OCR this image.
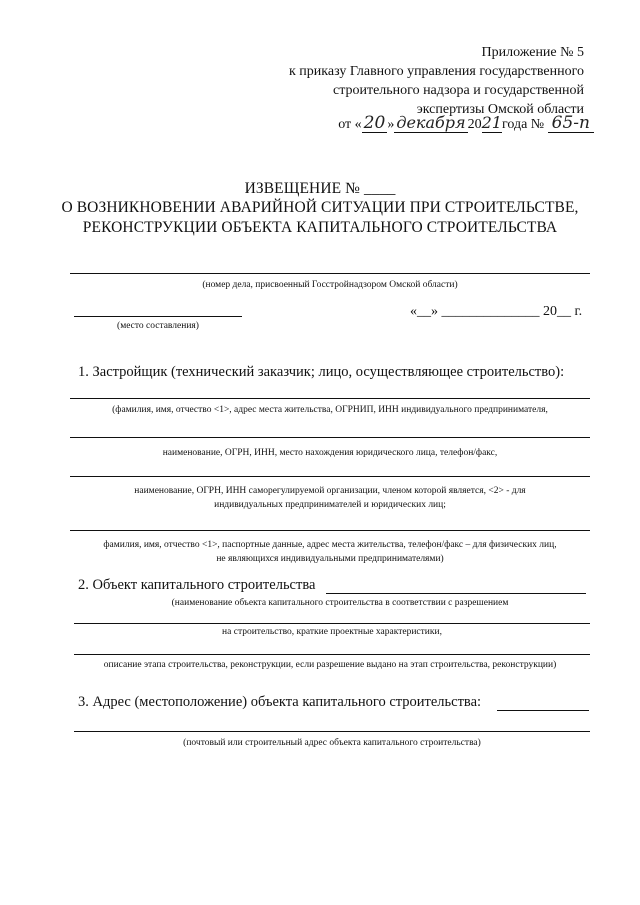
Приложение № 5
к приказу Главного управления государственного
строительного надзора и государственной
экспертизы Омской области
от « 20 » декабря 2021года № 65-п
ИЗВЕЩЕНИЕ № ____
О ВОЗНИКНОВЕНИИ АВАРИЙНОЙ СИТУАЦИИ ПРИ СТРОИТЕЛЬСТВЕ,
РЕКОНСТРУКЦИИ ОБЪЕКТА КАПИТАЛЬНОГО СТРОИТЕЛЬСТВА
(номер дела, присвоенный Госстройнадзором Омской области)
(место составления)
«__» ______________ 20__ г.
1. Застройщик (технический заказчик; лицо, осуществляющее строительство):
(фамилия, имя, отчество <1>, адрес места жительства, ОГРНИП, ИНН индивидуального предпринимателя,
наименование, ОГРН, ИНН, место нахождения юридического лица, телефон/факс,
наименование, ОГРН, ИНН саморегулируемой организации, членом которой является, <2> - для
индивидуальных предпринимателей и юридических лиц;
фамилия, имя, отчество <1>, паспортные данные, адрес места жительства, телефон/факс – для физических лиц,
не являющихся индивидуальными предпринимателями)
2. Объект капитального строительства
(наименование объекта капитального строительства в соответствии с разрешением
на строительство, краткие проектные характеристики,
описание этапа строительства, реконструкции, если разрешение выдано на этап строительства, реконструкции)
3. Адрес (местоположение) объекта капитального строительства:
(почтовый или строительный адрес объекта капитального строительства)
